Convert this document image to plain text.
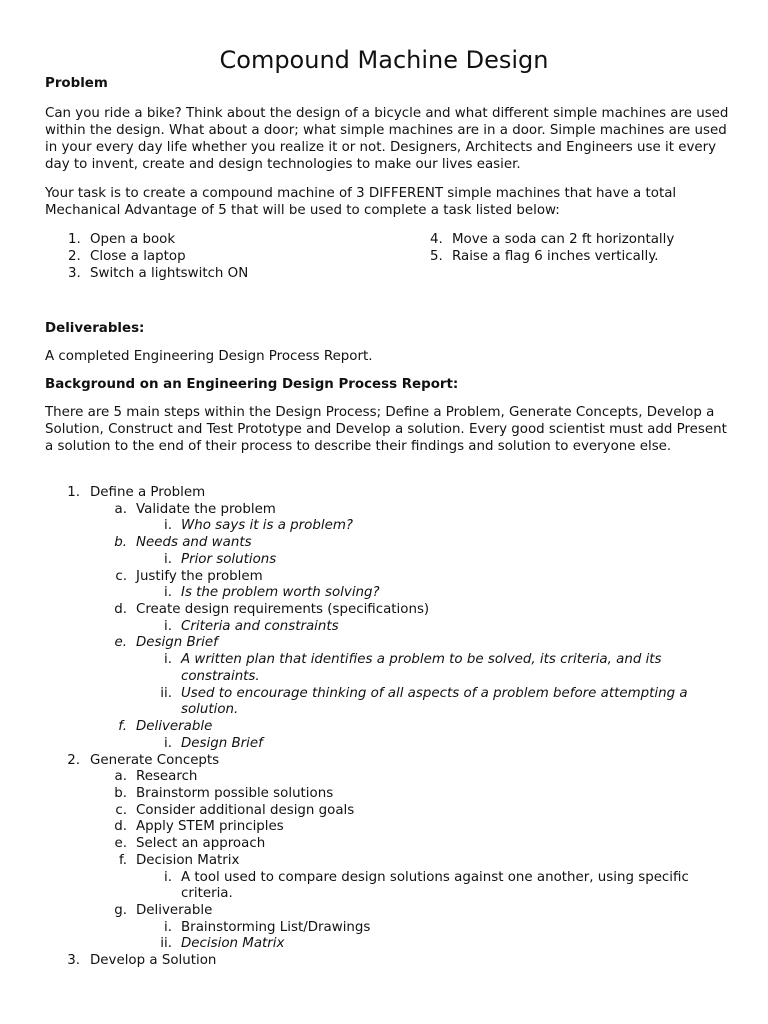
Compound Machine Design
Problem

Can you ride a bike? Think about the design of a bicycle and what different simple machines are used within the design. What about a door; what simple machines are in a door. Simple machines are used in your every day life whether you realize it or not. Designers, Architects and Engineers use it every day to invent, create and design technologies to make our lives easier.

Your task is to create a compound machine of 3 DIFFERENT simple machines that have a total Mechanical Advantage of 5 that will be used to complete a task listed below:

1. Open a book
2. Close a laptop
3. Switch a lightswitch ON
4. Move a soda can 2 ft horizontally
5. Raise a flag 6 inches vertically.
Deliverables:
A completed Engineering Design Process Report.
Background on an Engineering Design Process Report:

There are 5 main steps within the Design Process; Define a Problem, Generate Concepts, Develop a Solution, Construct and Test Prototype and Develop a solution. Every good scientist must add Present a solution to the end of their process to describe their findings and solution to everyone else.

1. Define a Problem
a. Validate the problem
i. Who says it is a problem?
b. Needs and wants
i. Prior solutions
c. Justify the problem
i. Is the problem worth solving?
d. Create design requirements (specifications)
i. Criteria and constraints
e. Design Brief
i. A written plan that identifies a problem to be solved, its criteria, and its
constraints.
ii. Used to encourage thinking of all aspects of a problem before attempting a
solution.
f. Deliverable
i. Design Brief
2. Generate Concepts
a. Research
b. Brainstorm possible solutions
c. Consider additional design goals
d. Apply STEM principles
e. Select an approach
f. Decision Matrix
i. A tool used to compare design solutions against one another, using specific
criteria.
g. Deliverable
i. Brainstorming List/Drawings
ii. Decision Matrix
3. Develop a Solution
